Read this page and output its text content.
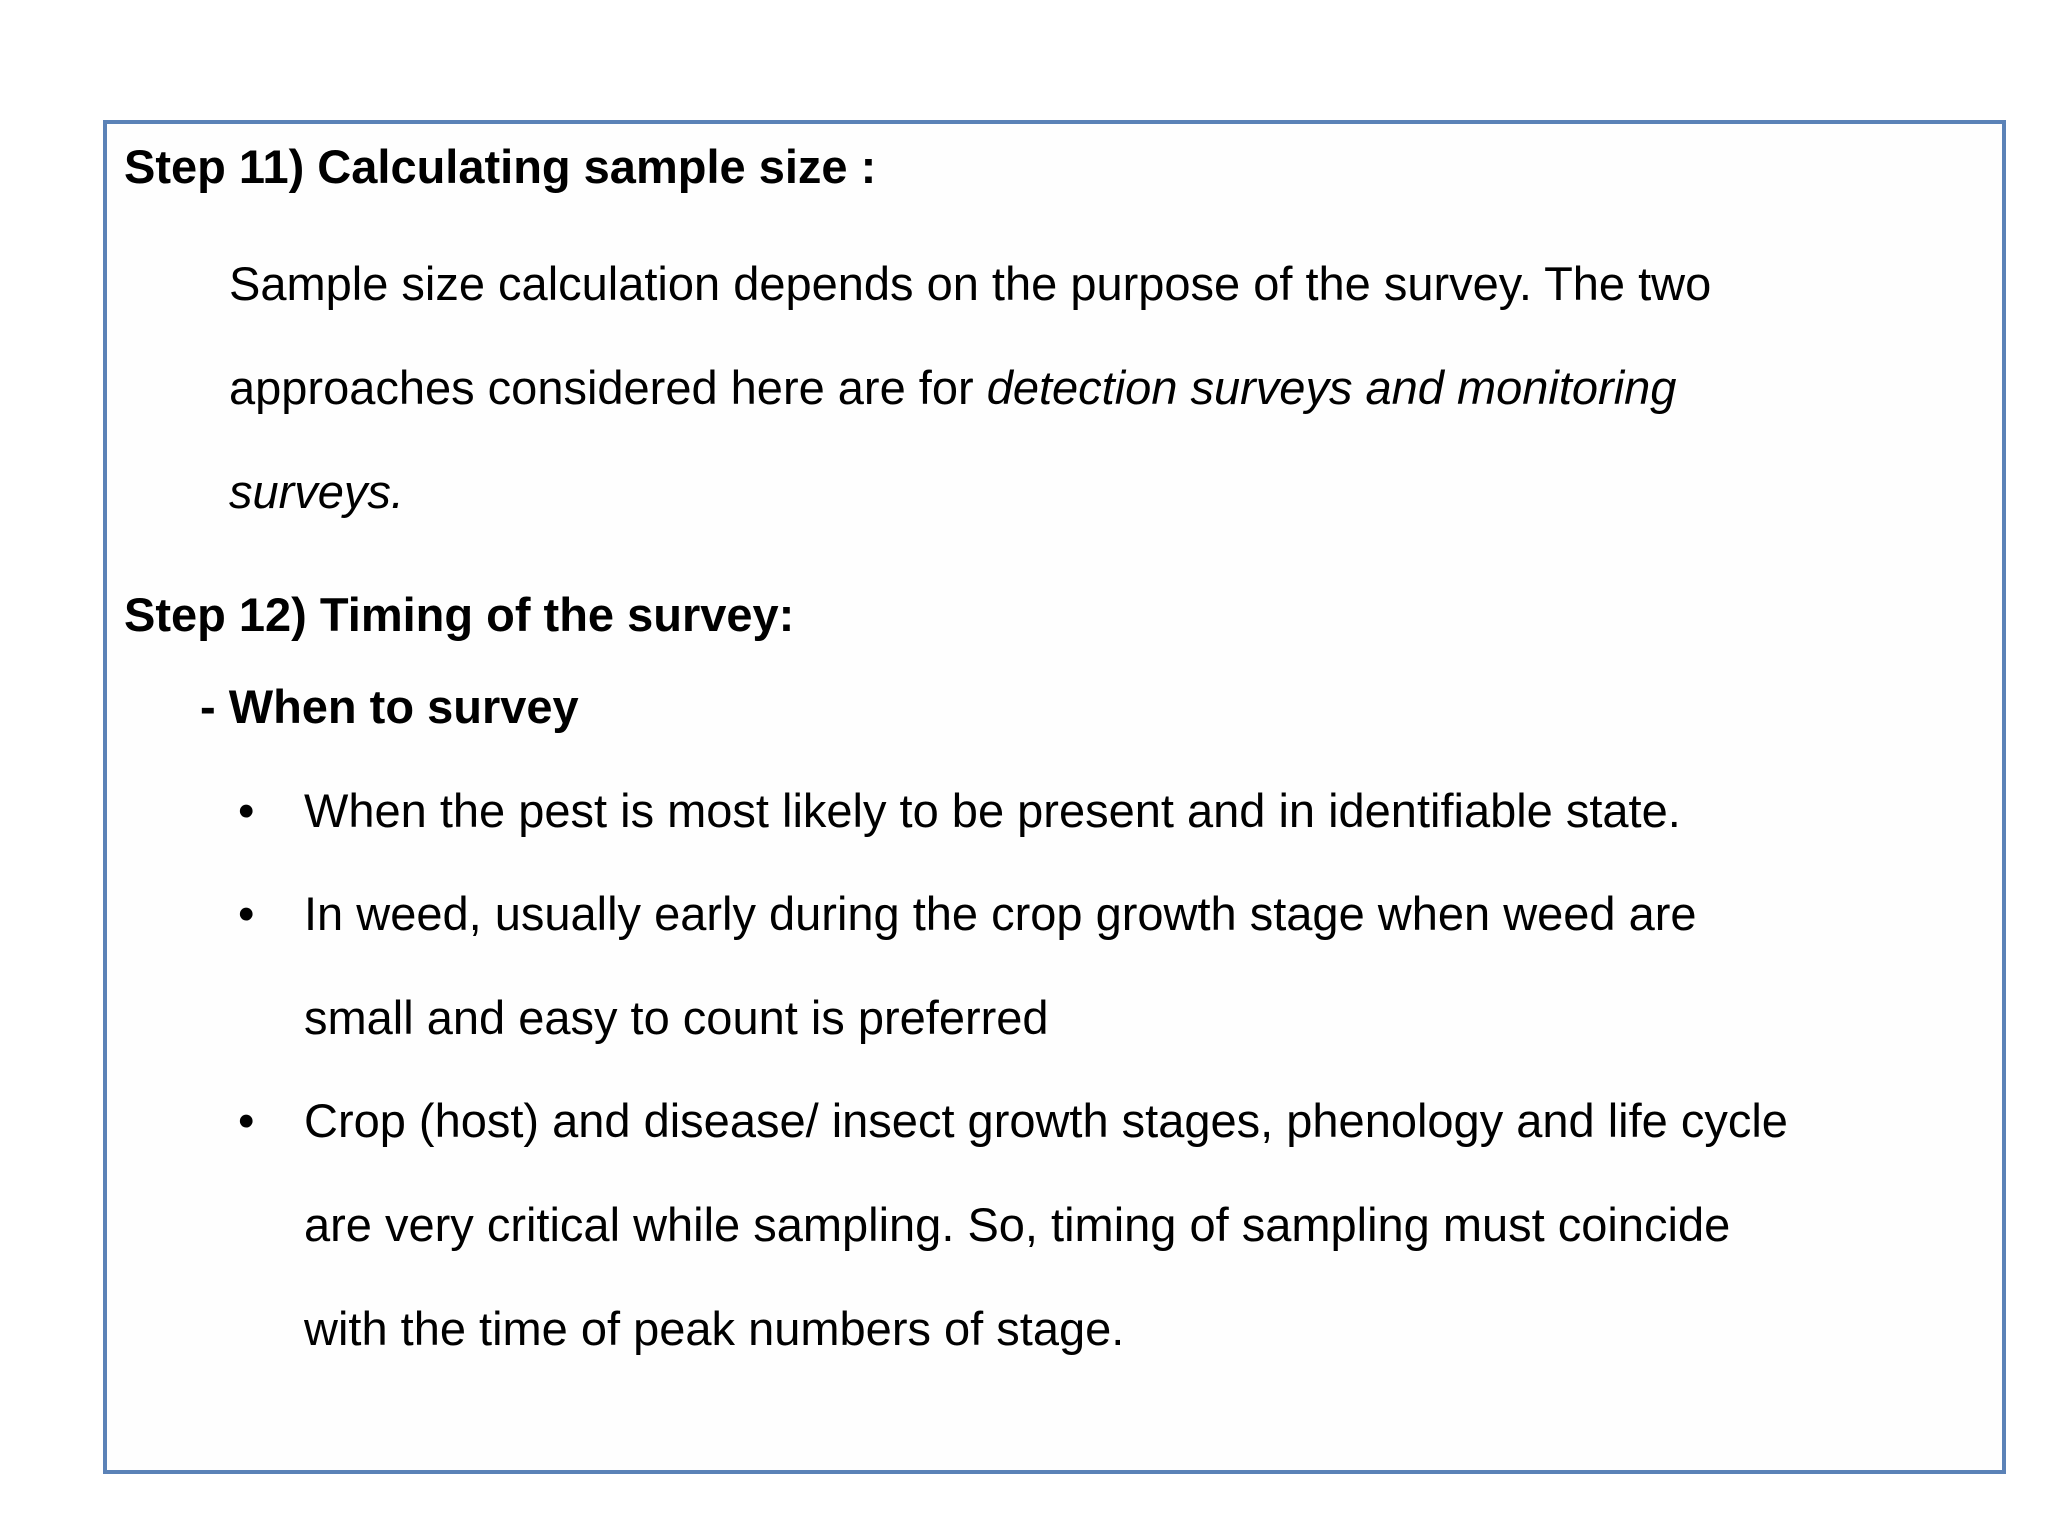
Step 11) Calculating sample size :
Sample size calculation depends on the purpose of the survey. The two
approaches considered here are for detection surveys and monitoring
surveys.
Step 12) Timing of the survey:
- When to survey
• When the pest is most likely to be present and in identifiable state.
• In weed, usually early during the crop growth stage when weed are
small and easy to count is preferred
• Crop (host) and disease/ insect growth stages, phenology and life cycle
are very critical while sampling. So, timing of sampling must coincide
with the time of peak numbers of stage.
